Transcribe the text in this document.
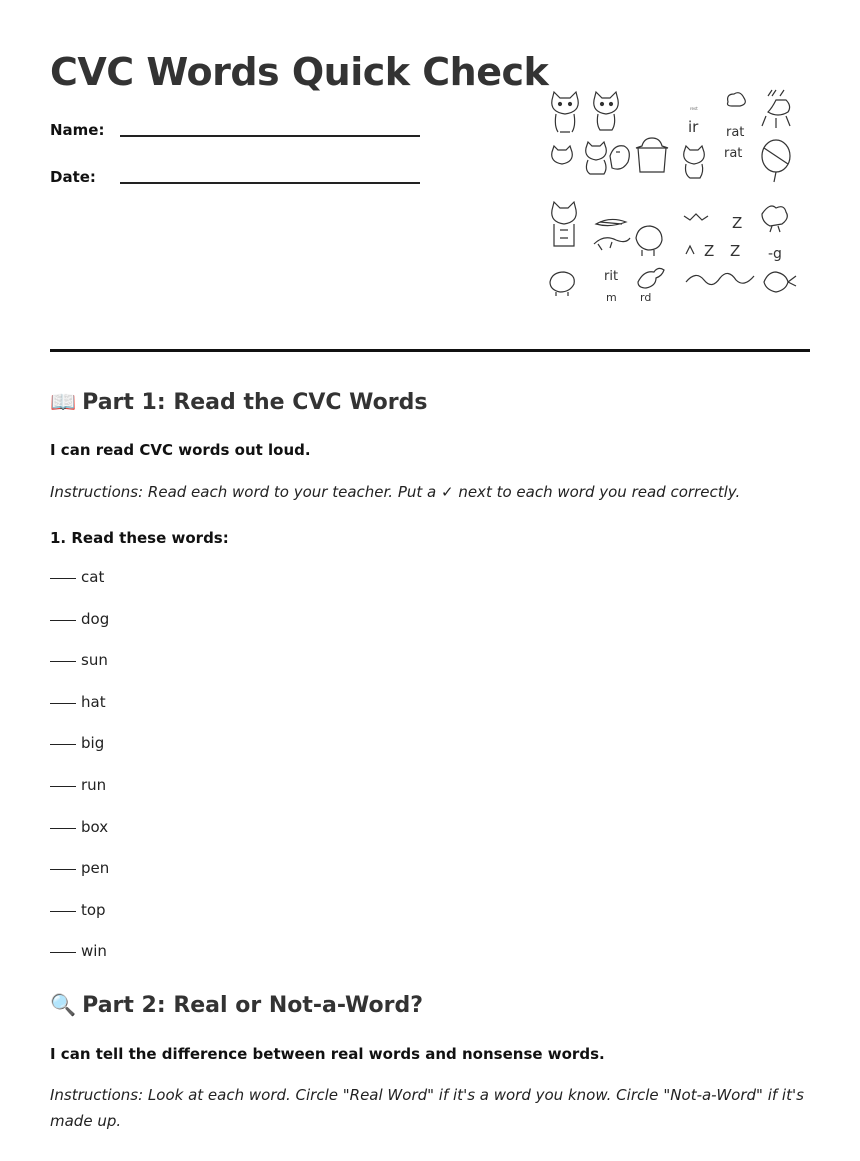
CVC Words Quick Check
Name:
Date:
rest
ir rat
rat
Z
Z Z -g
rit
m rd
📖 Part 1: Read the CVC Words
I can read CVC words out loud.
Instructions: Read each word to your teacher. Put a ✓ next to each word you read correctly.
1. Read these words:
cat
dog
sun
hat
big
run
box
pen
top
win
🔍 Part 2: Real or Not-a-Word?
I can tell the difference between real words and nonsense words.
Instructions: Look at each word. Circle "Real Word" if it's a word you know. Circle "Not-a-Word" if it's made up.
